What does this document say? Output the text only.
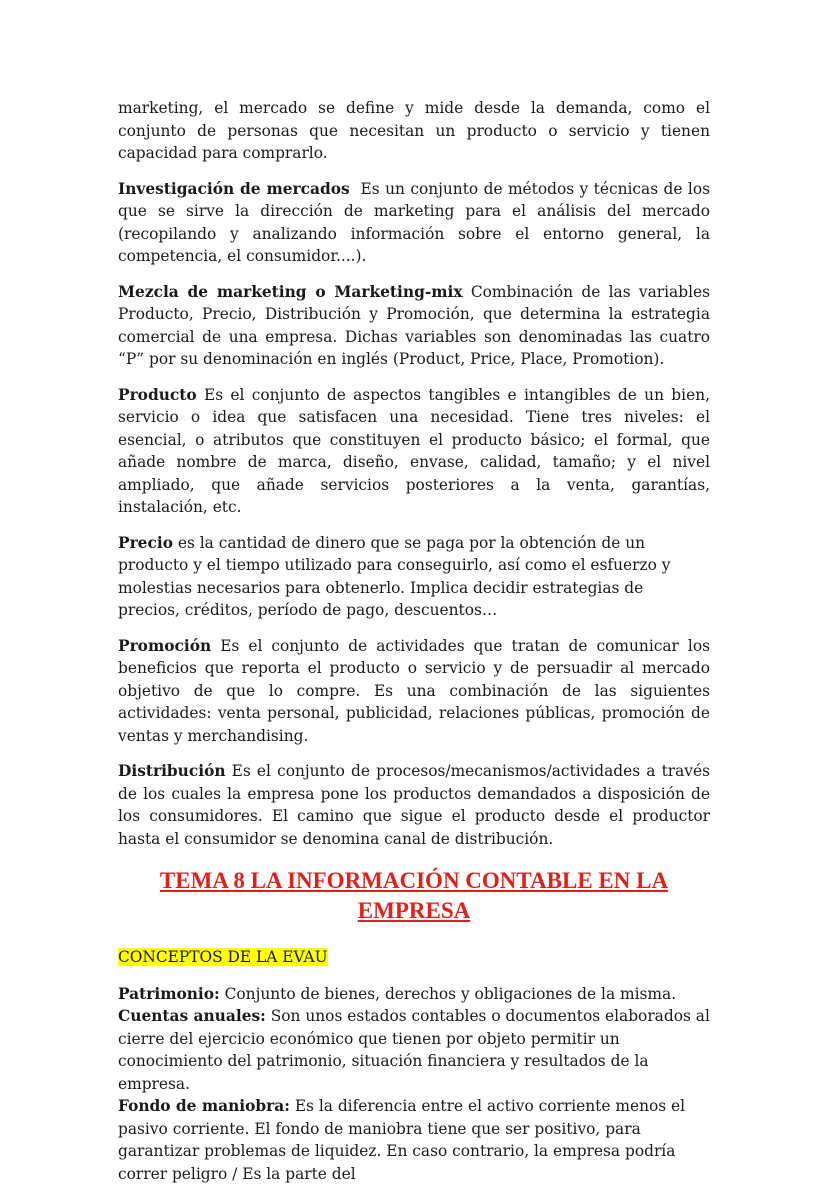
marketing, el mercado se define y mide desde la demanda, como el conjunto de personas que necesitan un producto o servicio y tienen capacidad para comprarlo.

Investigación de mercados  Es un conjunto de métodos y técnicas de los que se sirve la dirección de marketing para el análisis del mercado (recopilando y analizando información sobre el entorno general, la competencia, el consumidor....).

Mezcla de marketing o Marketing-mix Combinación de las variables Producto, Precio, Distribución y Promoción, que determina la estrategia comercial de una empresa. Dichas variables son denominadas las cuatro “P” por su denominación en inglés (Product, Price, Place, Promotion).

Producto Es el conjunto de aspectos tangibles e intangibles de un bien, servicio o idea que satisfacen una necesidad. Tiene tres niveles: el esencial, o atributos que constituyen el producto básico; el formal, que añade nombre de marca, diseño, envase, calidad, tamaño; y el nivel ampliado, que añade servicios posteriores a la venta, garantías, instalación, etc.

Precio es la cantidad de dinero que se paga por la obtención de un producto y el tiempo utilizado para conseguirlo, así como el esfuerzo y molestias necesarios para obtenerlo. Implica decidir estrategias de precios, créditos, período de pago, descuentos…

Promoción Es el conjunto de actividades que tratan de comunicar los beneficios que reporta el producto o servicio y de persuadir al mercado objetivo de que lo compre. Es una combinación de las siguientes actividades: venta personal, publicidad, relaciones públicas, promoción de ventas y merchandising.

Distribución Es el conjunto de procesos/mecanismos/actividades a través de los cuales la empresa pone los productos demandados a disposición de los consumidores. El camino que sigue el producto desde el productor hasta el consumidor se denomina canal de distribución.

TEMA 8 LA INFORMACIÓN CONTABLE EN LA EMPRESA
CONCEPTOS DE LA EVAU

Patrimonio: Conjunto de bienes, derechos y obligaciones de la misma.

Cuentas anuales: Son unos estados contables o documentos elaborados al cierre del ejercicio económico que tienen por objeto permitir un conocimiento del patrimonio, situación financiera y resultados de la empresa.

Fondo de maniobra: Es la diferencia entre el activo corriente menos el pasivo corriente. El fondo de maniobra tiene que ser positivo, para garantizar problemas de liquidez. En caso contrario, la empresa podría correr peligro / Es la parte del
